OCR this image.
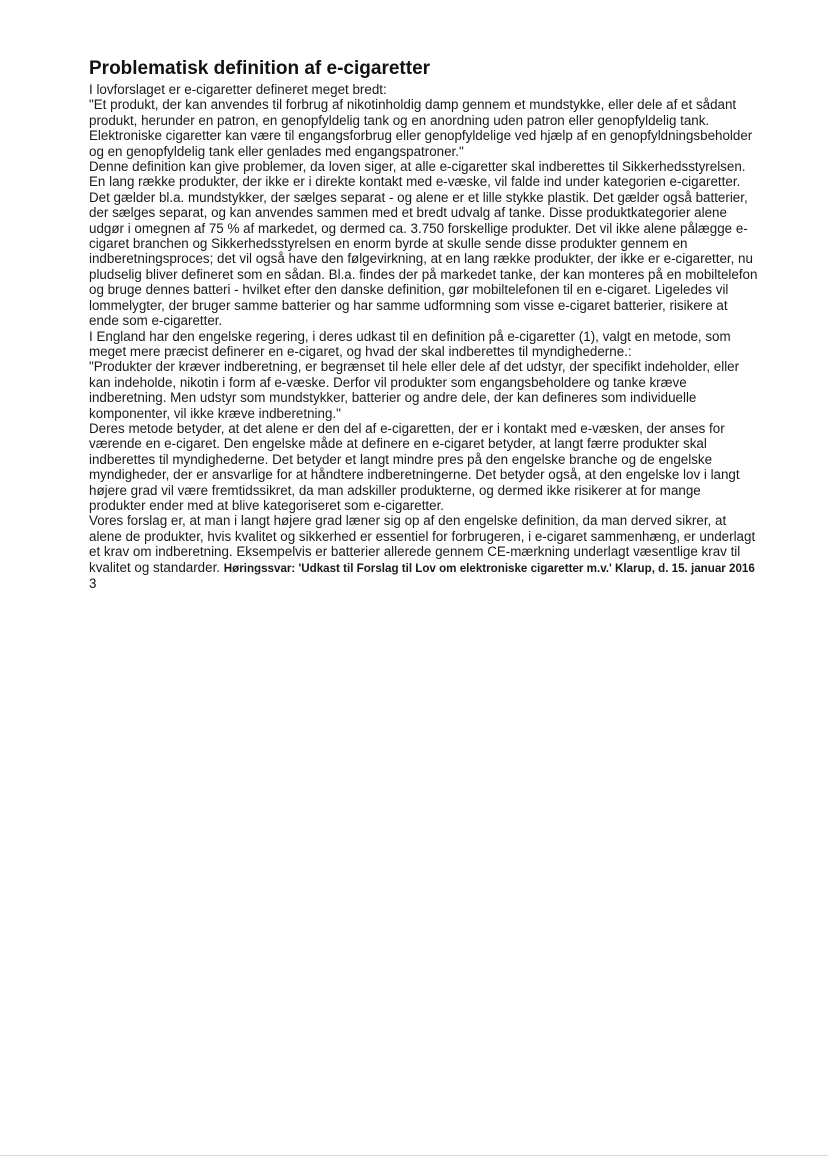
Problematisk definition af e-cigaretter

I lovforslaget er e-cigaretter defineret meget bredt:

"Et produkt, der kan anvendes til forbrug af nikotinholdig damp gennem et mundstykke, eller dele af et sådant produkt, herunder en patron, en genopfyldelig tank og en anordning uden patron eller genopfyldelig tank. Elektroniske cigaretter kan være til engangsforbrug eller genopfyldelige ved hjælp af en genopfyldningsbeholder og en genopfyldelig tank eller genlades med engangspatroner."

Denne definition kan give problemer, da loven siger, at alle e-cigaretter skal indberettes til Sikkerhedsstyrelsen. En lang række produkter, der ikke er i direkte kontakt med e-væske, vil falde ind under kategorien e-cigaretter. Det gælder bl.a. mundstykker, der sælges separat - og alene er et lille stykke plastik. Det gælder også batterier, der sælges separat, og kan anvendes sammen med et bredt udvalg af tanke. Disse produktkategorier alene udgør i omegnen af 75 % af markedet, og dermed ca. 3.750 forskellige produkter. Det vil ikke alene pålægge e-cigaret branchen og Sikkerhedsstyrelsen en enorm byrde at skulle sende disse produkter gennem en indberetningsproces; det vil også have den følgevirkning, at en lang række produkter, der ikke er e-cigaretter, nu pludselig bliver defineret som en sådan. Bl.a. findes der på markedet tanke, der kan monteres på en mobiltelefon og bruge dennes batteri - hvilket efter den danske definition, gør mobiltelefonen til en e-cigaret. Ligeledes vil lommelygter, der bruger samme batterier og har samme udformning som visse e-cigaret batterier, risikere at ende som e-cigaretter.

I England har den engelske regering, i deres udkast til en definition på e-cigaretter (1), valgt en metode, som meget mere præcist definerer en e-cigaret, og hvad der skal indberettes til myndighederne.:

"Produkter der kræver indberetning, er begrænset til hele eller dele af det udstyr, der specifikt indeholder, eller kan indeholde, nikotin i form af e-væske. Derfor vil produkter som engangsbeholdere og tanke kræve indberetning. Men udstyr som mundstykker, batterier og andre dele, der kan defineres som individuelle komponenter, vil ikke kræve indberetning."

Deres metode betyder, at det alene er den del af e-cigaretten, der er i kontakt med e-væsken, der anses for værende en e-cigaret. Den engelske måde at definere en e-cigaret betyder, at langt færre produkter skal indberettes til myndighederne. Det betyder et langt mindre pres på den engelske branche og de engelske myndigheder, der er ansvarlige for at håndtere indberetningerne. Det betyder også, at den engelske lov i langt højere grad vil være fremtidssikret, da man adskiller produkterne, og dermed ikke risikerer at for mange produkter ender med at blive kategoriseret som e-cigaretter.

Vores forslag er, at man i langt højere grad læner sig op af den engelske definition, da man derved sikrer, at alene de produkter, hvis kvalitet og sikkerhed er essentiel for forbrugeren, i e-cigaret sammenhæng, er underlagt et krav om indberetning. Eksempelvis er batterier allerede gennem CE-mærkning underlagt væsentlige krav til kvalitet og standarder. Høringssvar: 'Udkast til Forslag til Lov om elektroniske cigaretter m.v.' Klarup, d. 15. januar 2016

3
